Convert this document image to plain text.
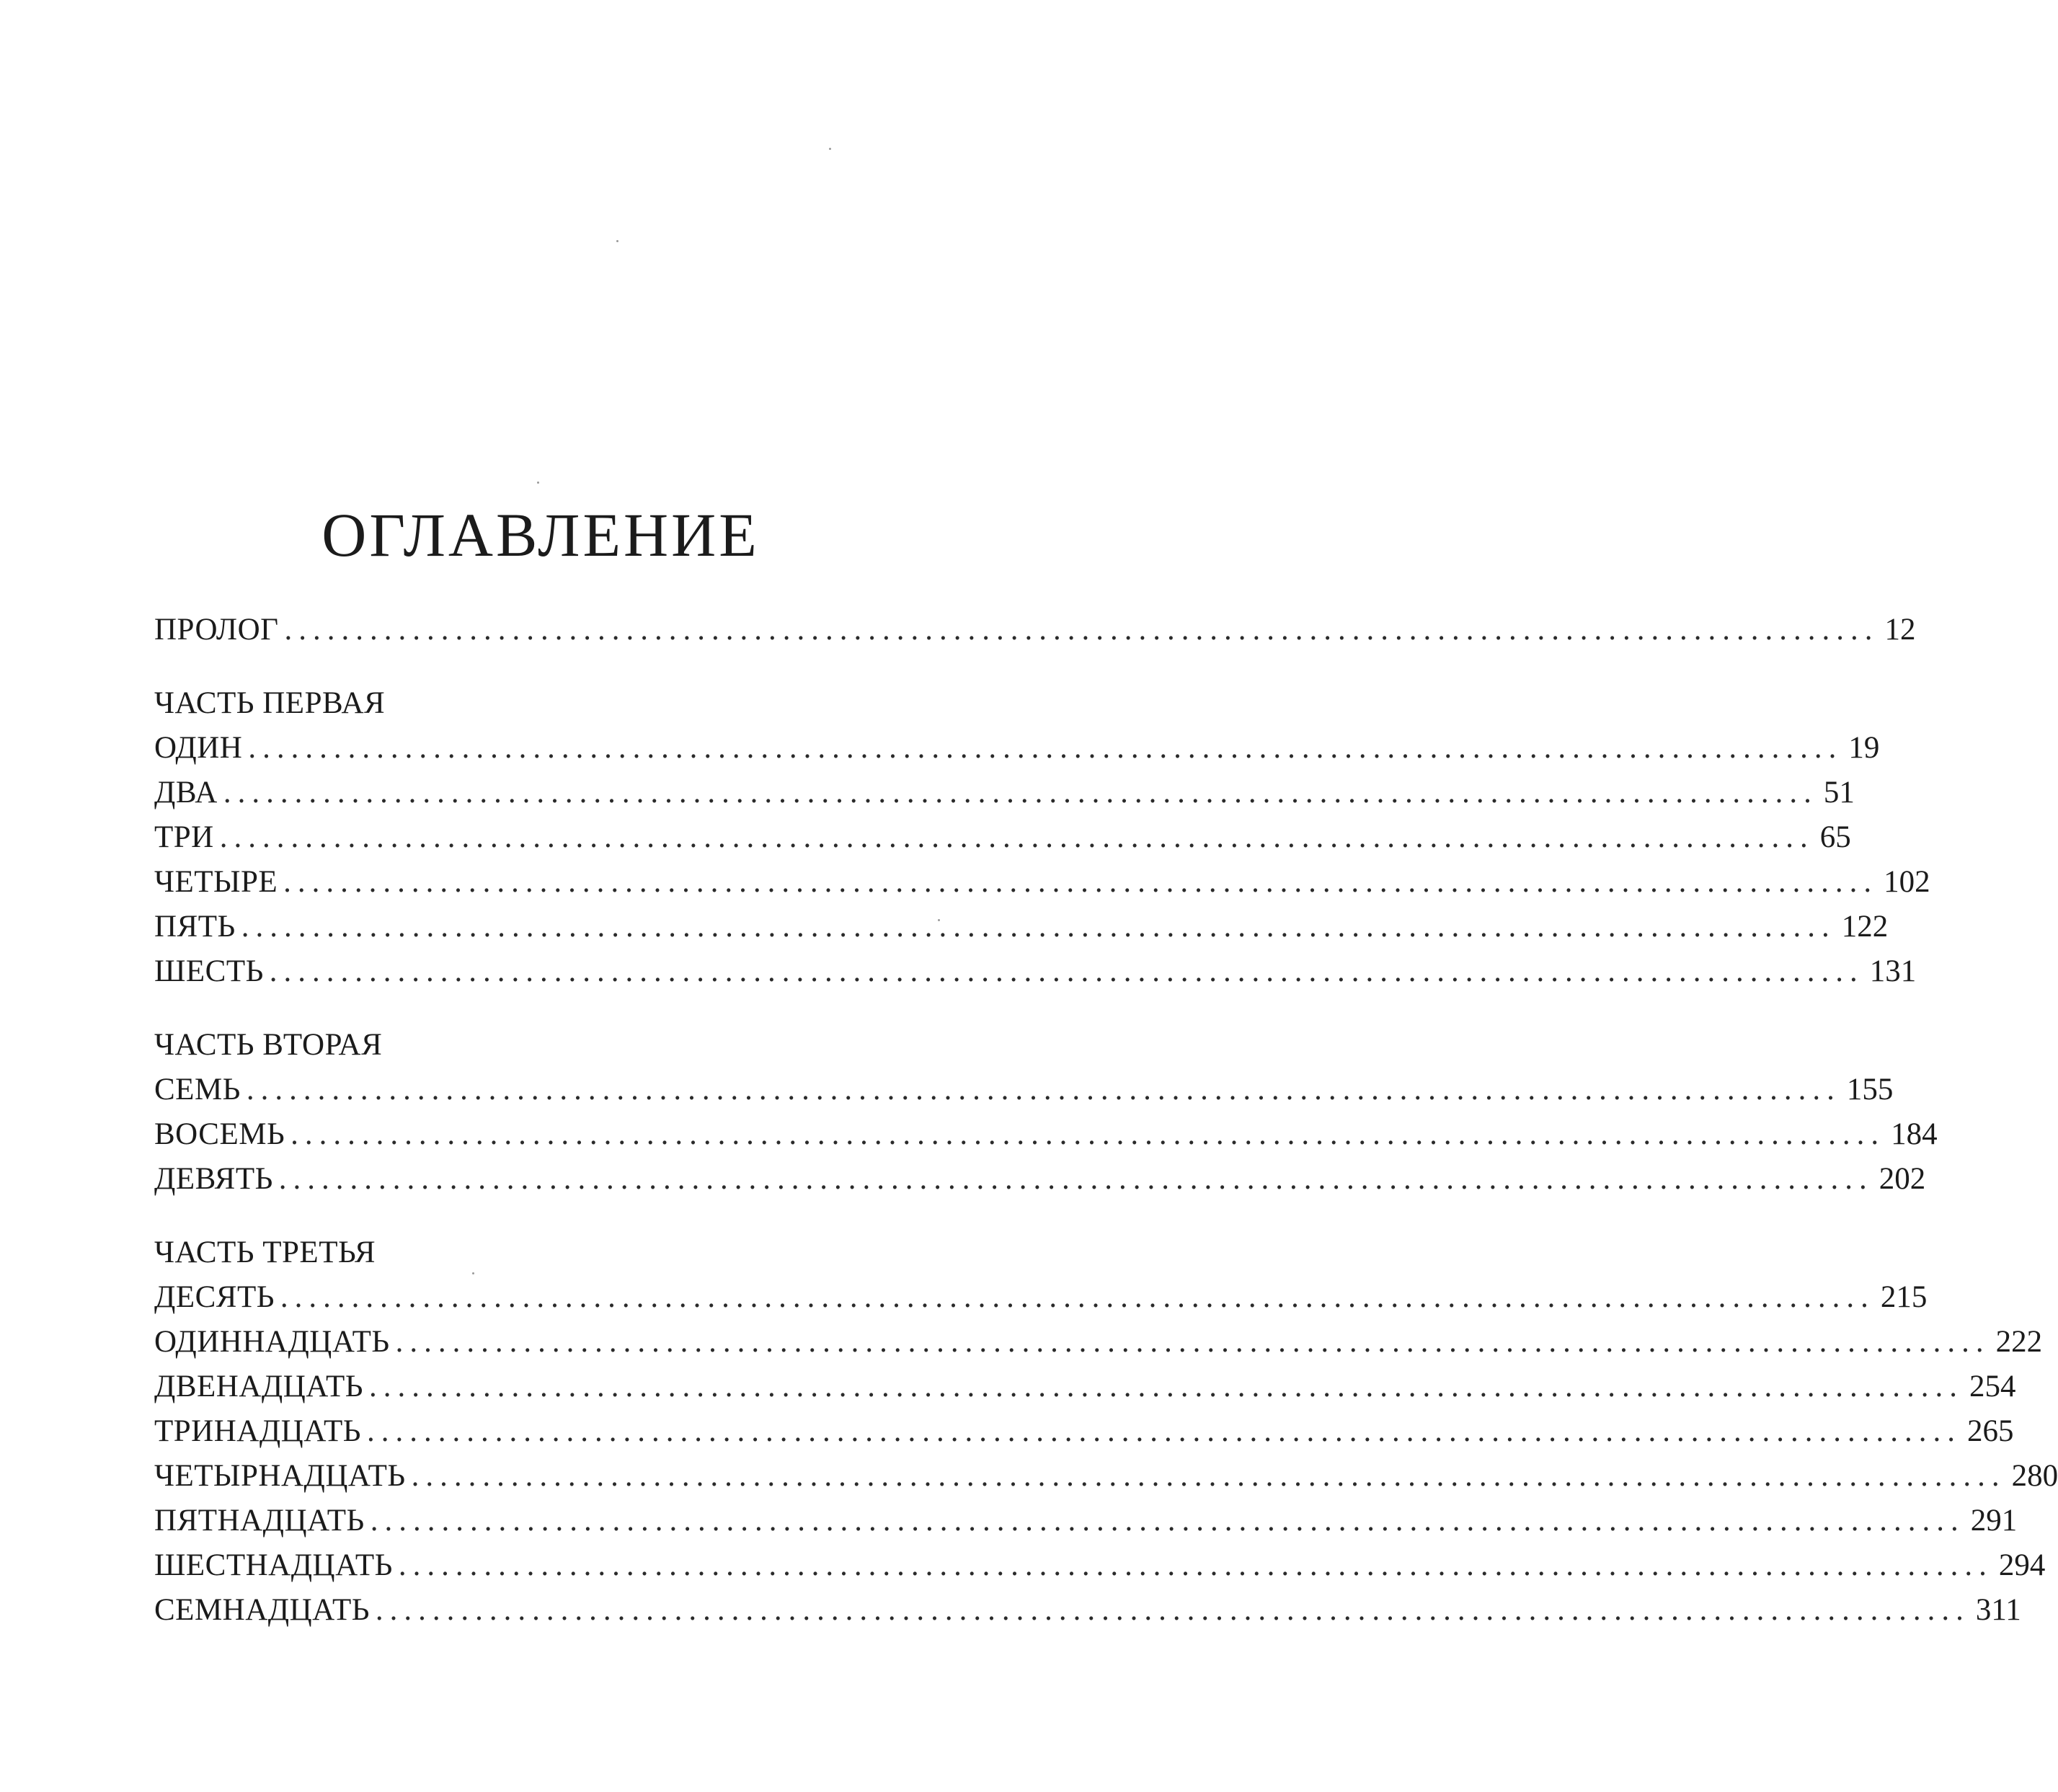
ОГЛАВЛЕНИЕ
ПРОЛОГ ................................................................................................................ 12
ЧАСТЬ ПЕРВАЯ
ОДИН ................................................................................................................ 19
ДВА ................................................................................................................ 51
ТРИ ................................................................................................................ 65
ЧЕТЫРЕ ................................................................................................................ 102
ПЯТЬ ................................................................................................................ 122
ШЕСТЬ ................................................................................................................ 131
ЧАСТЬ ВТОРАЯ
СЕМЬ ................................................................................................................ 155
ВОСЕМЬ ................................................................................................................ 184
ДЕВЯТЬ ................................................................................................................ 202
ЧАСТЬ ТРЕТЬЯ
ДЕСЯТЬ ................................................................................................................ 215
ОДИННАДЦАТЬ ................................................................................................................ 222
ДВЕНАДЦАТЬ ................................................................................................................ 254
ТРИНАДЦАТЬ ................................................................................................................ 265
ЧЕТЫРНАДЦАТЬ ................................................................................................................ 280
ПЯТНАДЦАТЬ ................................................................................................................ 291
ШЕСТНАДЦАТЬ ................................................................................................................ 294
СЕМНАДЦАТЬ ................................................................................................................ 311
